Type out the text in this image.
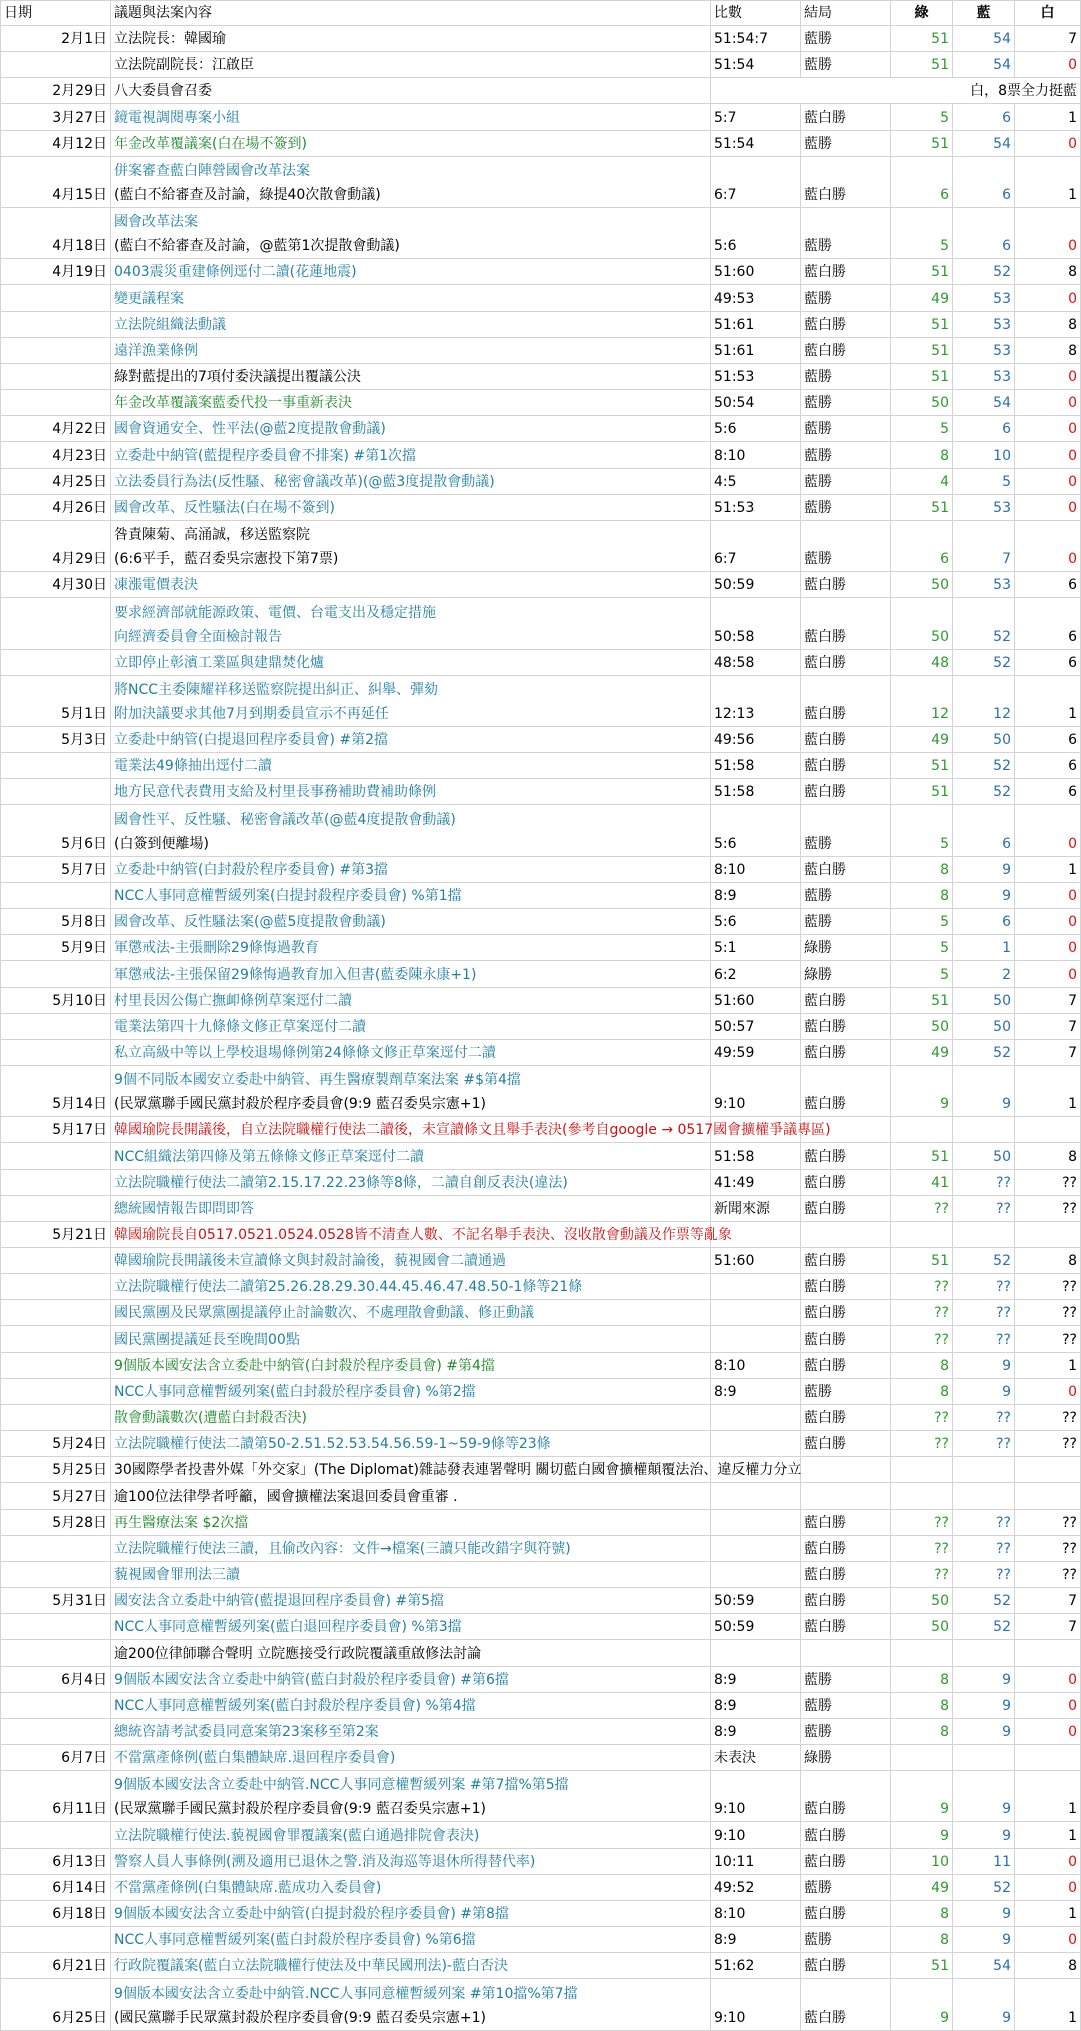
日期	議題與法案內容	比數	結局	綠	藍	白
2月1日	立法院長：韓國瑜	51:54:7	藍勝	51	54	7

	立法院副院長：江啟臣	51:54	藍勝	51	54	0
2月29日	八大委員會召委	白，8票全力挺藍				
3月27日	鏡電視調閱專案小組	5:7	藍白勝	5	6	1
4月12日	年金改革覆議案(白在場不簽到)	51:54	藍勝	51	54	0
4月15日	併案審查藍白陣營國會改革法案
(藍白不給審查及討論，綠提40次散會動議)	6:7	藍白勝	6	6	1
4月18日	國會改革法案
(藍白不給審查及討論，@藍第1次提散會動議)	5:6	藍勝	5	6	0
4月19日	0403震災重建條例逕付二讀(花蓮地震)	51:60	藍白勝	51	52	8

	變更議程案	49:53	藍勝	49	53	0

	立法院組織法動議	51:61	藍白勝	51	53	8

	遠洋漁業條例	51:61	藍白勝	51	53	8

	綠對藍提出的7項付委決議提出覆議公決	51:53	藍勝	51	53	0

	年金改革覆議案藍委代投一事重新表決	50:54	藍勝	50	54	0
4月22日	國會資通安全、性平法(@藍2度提散會動議)	5:6	藍勝	5	6	0
4月23日	立委赴中納管(藍提程序委員會不排案) #第1次擋	8:10	藍勝	8	10	0
4月25日	立法委員行為法(反性騷、秘密會議改革)(@藍3度提散會動議)	4:5	藍勝	4	5	0
4月26日	國會改革、反性騷法(白在場不簽到)	51:53	藍勝	51	53	0
4月29日	咎責陳菊、高涌誠，移送監察院
(6:6平手，藍召委吳宗憲投下第7票)	6:7	藍勝	6	7	0
4月30日	凍漲電價表決	50:59	藍白勝	50	53	6

	要求經濟部就能源政策、電價、台電支出及穩定措施
向經濟委員會全面檢討報告	50:58	藍白勝	50	52	6

	立即停止彰濱工業區與建鼎焚化爐	48:58	藍白勝	48	52	6
5月1日	將NCC主委陳耀祥移送監察院提出糾正、糾舉、彈劾
附加決議要求其他7月到期委員宣示不再延任	12:13	藍白勝	12	12	1
5月3日	立委赴中納管(白提退回程序委員會) #第2擋	49:56	藍白勝	49	50	6

	電業法49條抽出逕付二讀	51:58	藍白勝	51	52	6

	地方民意代表費用支給及村里長事務補助費補助條例	51:58	藍白勝	51	52	6
5月6日	國會性平、反性騷、秘密會議改革(@藍4度提散會動議)
(白簽到便離場)	5:6	藍勝	5	6	0
5月7日	立委赴中納管(白封殺於程序委員會) #第3擋	8:10	藍白勝	8	9	1

	NCC人事同意權暫緩列案(白提封殺程序委員會) %第1擋	8:9	藍勝	8	9	0
5月8日	國會改革、反性騷法案(@藍5度提散會動議)	5:6	藍勝	5	6	0
5月9日	軍懲戒法-主張刪除29條悔過教育	5:1	綠勝	5	1	0

	軍懲戒法-主張保留29條悔過教育加入但書(藍委陳永康+1)	6:2	綠勝	5	2	0
5月10日	村里長因公傷亡撫卹條例草案逕付二讀	51:60	藍白勝	51	50	7

	電業法第四十九條條文修正草案逕付二讀	50:57	藍白勝	50	50	7

	私立高級中等以上學校退場條例第24條條文修正草案逕付二讀	49:59	藍白勝	49	52	7
5月14日	9個不同版本國安立委赴中納管、再生醫療製劑草案法案 #$第4擋
(民眾黨聯手國民黨封殺於程序委員會(9:9 藍召委吳宗憲+1)	9:10	藍白勝	9	9	1
5月17日	韓國瑜院長開議後，自立法院職權行使法二讀後，未宣讀條文且舉手表決(參考自google → 0517國會擴權爭議專區)					

	NCC組織法第四條及第五條條文修正草案逕付二讀	51:58	藍白勝	51	50	8

	立法院職權行使法二讀第2.15.17.22.23條等8條，二讀自創反表決(違法)	41:49	藍白勝	41	??	??

	總統國情報告即問即答	新聞來源	藍白勝	??	??	??
5月21日	韓國瑜院長自0517.0521.0524.0528皆不清查人數、不記名舉手表決、沒收散會動議及作票等亂象					

	韓國瑜院長開議後未宣讀條文與封殺討論後，藐視國會二讀通過	51:60	藍白勝	51	52	8

	立法院職權行使法二讀第25.26.28.29.30.44.45.46.47.48.50-1條等21條		藍白勝	??	??	??

	國民黨團及民眾黨團提議停止討論數次、不處理散會動議、修正動議		藍白勝	??	??	??

	國民黨團提議延長至晚間00點		藍白勝	??	??	??

	9個版本國安法含立委赴中納管(白封殺於程序委員會) #第4擋	8:10	藍白勝	8	9	1

	NCC人事同意權暫緩列案(藍白封殺於程序委員會) %第2擋	8:9	藍勝	8	9	0

	散會動議數次(遭藍白封殺否決)		藍白勝	??	??	??
5月24日	立法院職權行使法二讀第50-2.51.52.53.54.56.59-1~59-9條等23條		藍白勝	??	??	??
5月25日	30國際學者投書外媒「外交家」(The Diplomat)雜誌發表連署聲明 關切藍白國會擴權顛覆法治、違反權力分立					

5月27日	逾100位法律學者呼籲，國會擴權法案退回委員會重審 .					

5月28日	再生醫療法案 $2次擋		藍白勝	??	??	??

	立法院職權行使法三讀，且偷改內容：文件→檔案(三讀只能改錯字與符號)		藍白勝	??	??	??

	藐視國會罪刑法三讀		藍白勝	??	??	??
5月31日	國安法含立委赴中納管(藍提退回程序委員會) #第5擋	50:59	藍白勝	50	52	7

	NCC人事同意權暫緩列案(藍白退回程序委員會) %第3擋	50:59	藍白勝	50	52	7

	逾200位律師聯合聲明 立院應接受行政院覆議重啟修法討論					

6月4日	9個版本國安法含立委赴中納管(藍白封殺於程序委員會) #第6擋	8:9	藍勝	8	9	0

	NCC人事同意權暫緩列案(藍白封殺於程序委員會) %第4擋	8:9	藍勝	8	9	0

	總統咨請考試委員同意案第23案移至第2案	8:9	藍勝	8	9	0
6月7日	不當黨產條例(藍白集體缺席.退回程序委員會)	未表決	綠勝			
6月11日	9個版本國安法含立委赴中納管.NCC人事同意權暫緩列案 #第7擋%第5擋
(民眾黨聯手國民黨封殺於程序委員會(9:9 藍召委吳宗憲+1)	9:10	藍白勝	9	9	1

	立法院職權行使法.藐視國會罪覆議案(藍白通過排院會表決)	9:10	藍白勝	9	9	1
6月13日	警察人員人事條例(溯及適用已退休之警.消及海巡等退休所得替代率)	10:11	藍白勝	10	11	0
6月14日	不當黨產條例(白集體缺席.藍成功入委員會)	49:52	藍勝	49	52	0
6月18日	9個版本國安法含立委赴中納管(白提封殺於程序委員會) #第8擋	8:10	藍白勝	8	9	1

	NCC人事同意權暫緩列案(藍白封殺於程序委員會) %第6擋	8:9	藍勝	8	9	0
6月21日	行政院覆議案(藍白立法院職權行使法及中華民國刑法)-藍白否決	51:62	藍白勝	51	54	8
6月25日	9個版本國安法含立委赴中納管.NCC人事同意權暫緩列案 #第10擋%第7擋
(國民黨聯手民眾黨封殺於程序委員會(9:9 藍召委吳宗憲+1)	9:10	藍白勝	9	9	1
